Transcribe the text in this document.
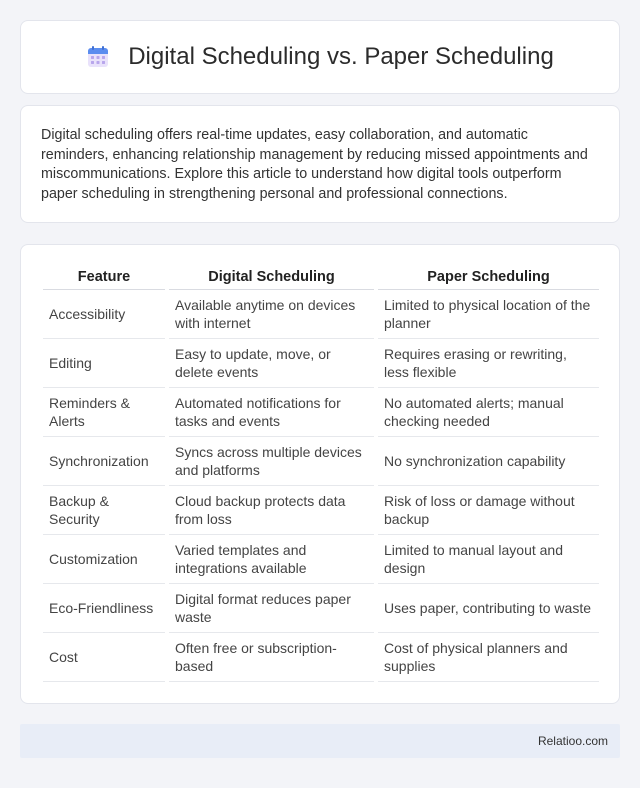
Digital Scheduling vs. Paper Scheduling

Digital scheduling offers real-time updates, easy collaboration, and automatic reminders, enhancing relationship management by reducing missed appointments and miscommunications. Explore this article to understand how digital tools outperform paper scheduling in strengthening personal and professional connections.

Feature		Digital Scheduling		Paper Scheduling
Accessibility		Available anytime on devices with internet		Limited to physical location of the planner
Editing		Easy to update, move, or delete events		Requires erasing or rewriting, less flexible
Reminders & Alerts		Automated notifications for tasks and events		No automated alerts; manual checking needed
Synchronization		Syncs across multiple devices and platforms		No synchronization capability
Backup & Security		Cloud backup protects data from loss		Risk of loss or damage without backup
Customization		Varied templates and integrations available		Limited to manual layout and design
Eco-Friendliness		Digital format reduces paper waste		Uses paper, contributing to waste
Cost		Often free or subscription-based		Cost of physical planners and supplies
Relatioo.com
